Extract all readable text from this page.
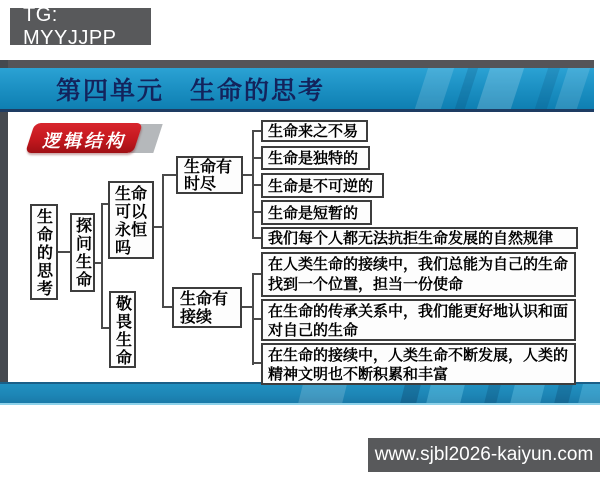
TG: MYYJJPP
第四单元 生命的思考
逻辑结构
生命的思考
探问生命
生命可以永恒吗
敬畏生命
生命有时尽
生命有接续
生命来之不易
生命是独特的
生命是不可逆的
生命是短暂的
我们每个人都无法抗拒生命发展的自然规律
在人类生命的接续中，我们总能为自己的生命找到一个位置，担当一份使命
在生命的传承关系中，我们能更好地认识和面对自己的生命
在生命的接续中，人类生命不断发展，人类的精神文明也不断积累和丰富
www.sjbl2026-kaiyun.com
